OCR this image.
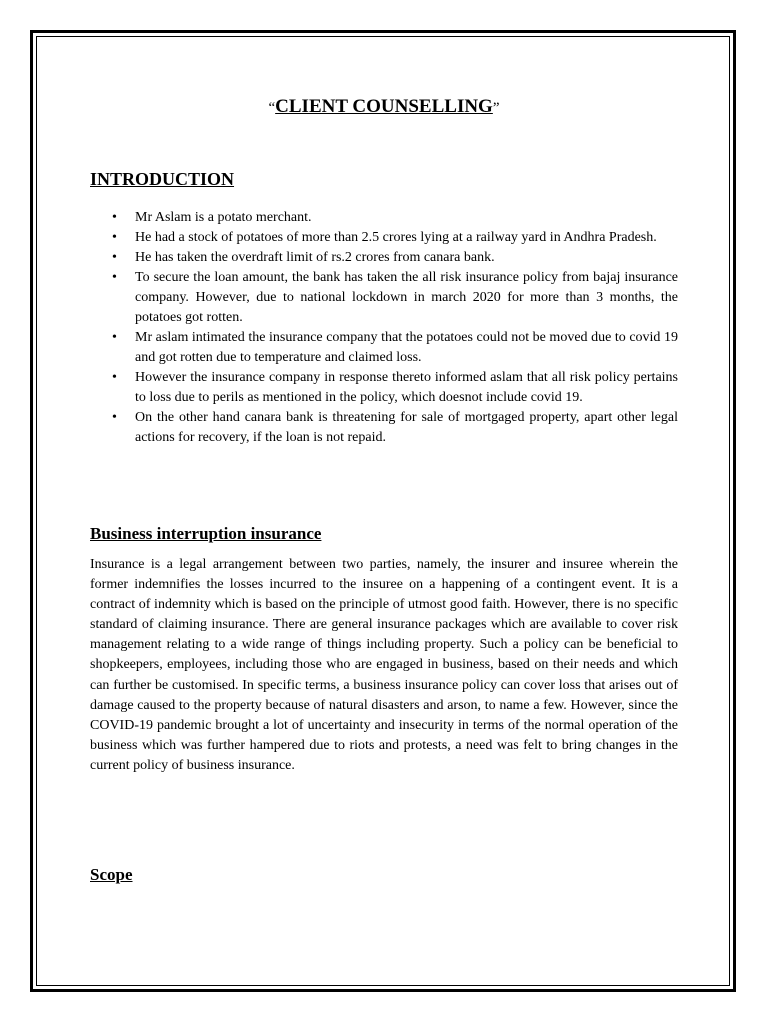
“CLIENT COUNSELLING”
INTRODUCTION
• Mr Aslam is a potato merchant.
• He had a stock of potatoes of more than 2.5 crores lying at a railway yard in Andhra Pradesh.
• He has taken the overdraft limit of rs.2 crores from canara bank.
• To secure the loan amount, the bank has taken the all risk insurance policy from bajaj insurance company. However, due to national lockdown in march 2020 for more than 3 months, the potatoes got rotten.
• Mr aslam intimated the insurance company that the potatoes could not be moved due to covid 19 and got rotten due to temperature and claimed loss.
• However the insurance company in response thereto informed aslam that all risk policy pertains to loss due to perils as mentioned in the policy, which doesnot include covid 19.
• On the other hand canara bank is threatening for sale of mortgaged property, apart other legal actions for recovery, if the loan is not repaid.
Business interruption insurance

Insurance is a legal arrangement between two parties, namely, the insurer and insuree wherein the former indemnifies the losses incurred to the insuree on a happening of a contingent event. It is a contract of indemnity which is based on the principle of utmost good faith. However, there is no specific standard of claiming insurance. There are general insurance packages which are available to cover risk management relating to a wide range of things including property. Such a policy can be beneficial to shopkeepers, employees, including those who are engaged in business, based on their needs and which can further be customised. In specific terms, a business insurance policy can cover loss that arises out of damage caused to the property because of natural disasters and arson, to name a few. However, since the COVID-19 pandemic brought a lot of uncertainty and insecurity in terms of the normal operation of the business which was further hampered due to riots and protests, a need was felt to bring changes in the current policy of business insurance.

Scope
